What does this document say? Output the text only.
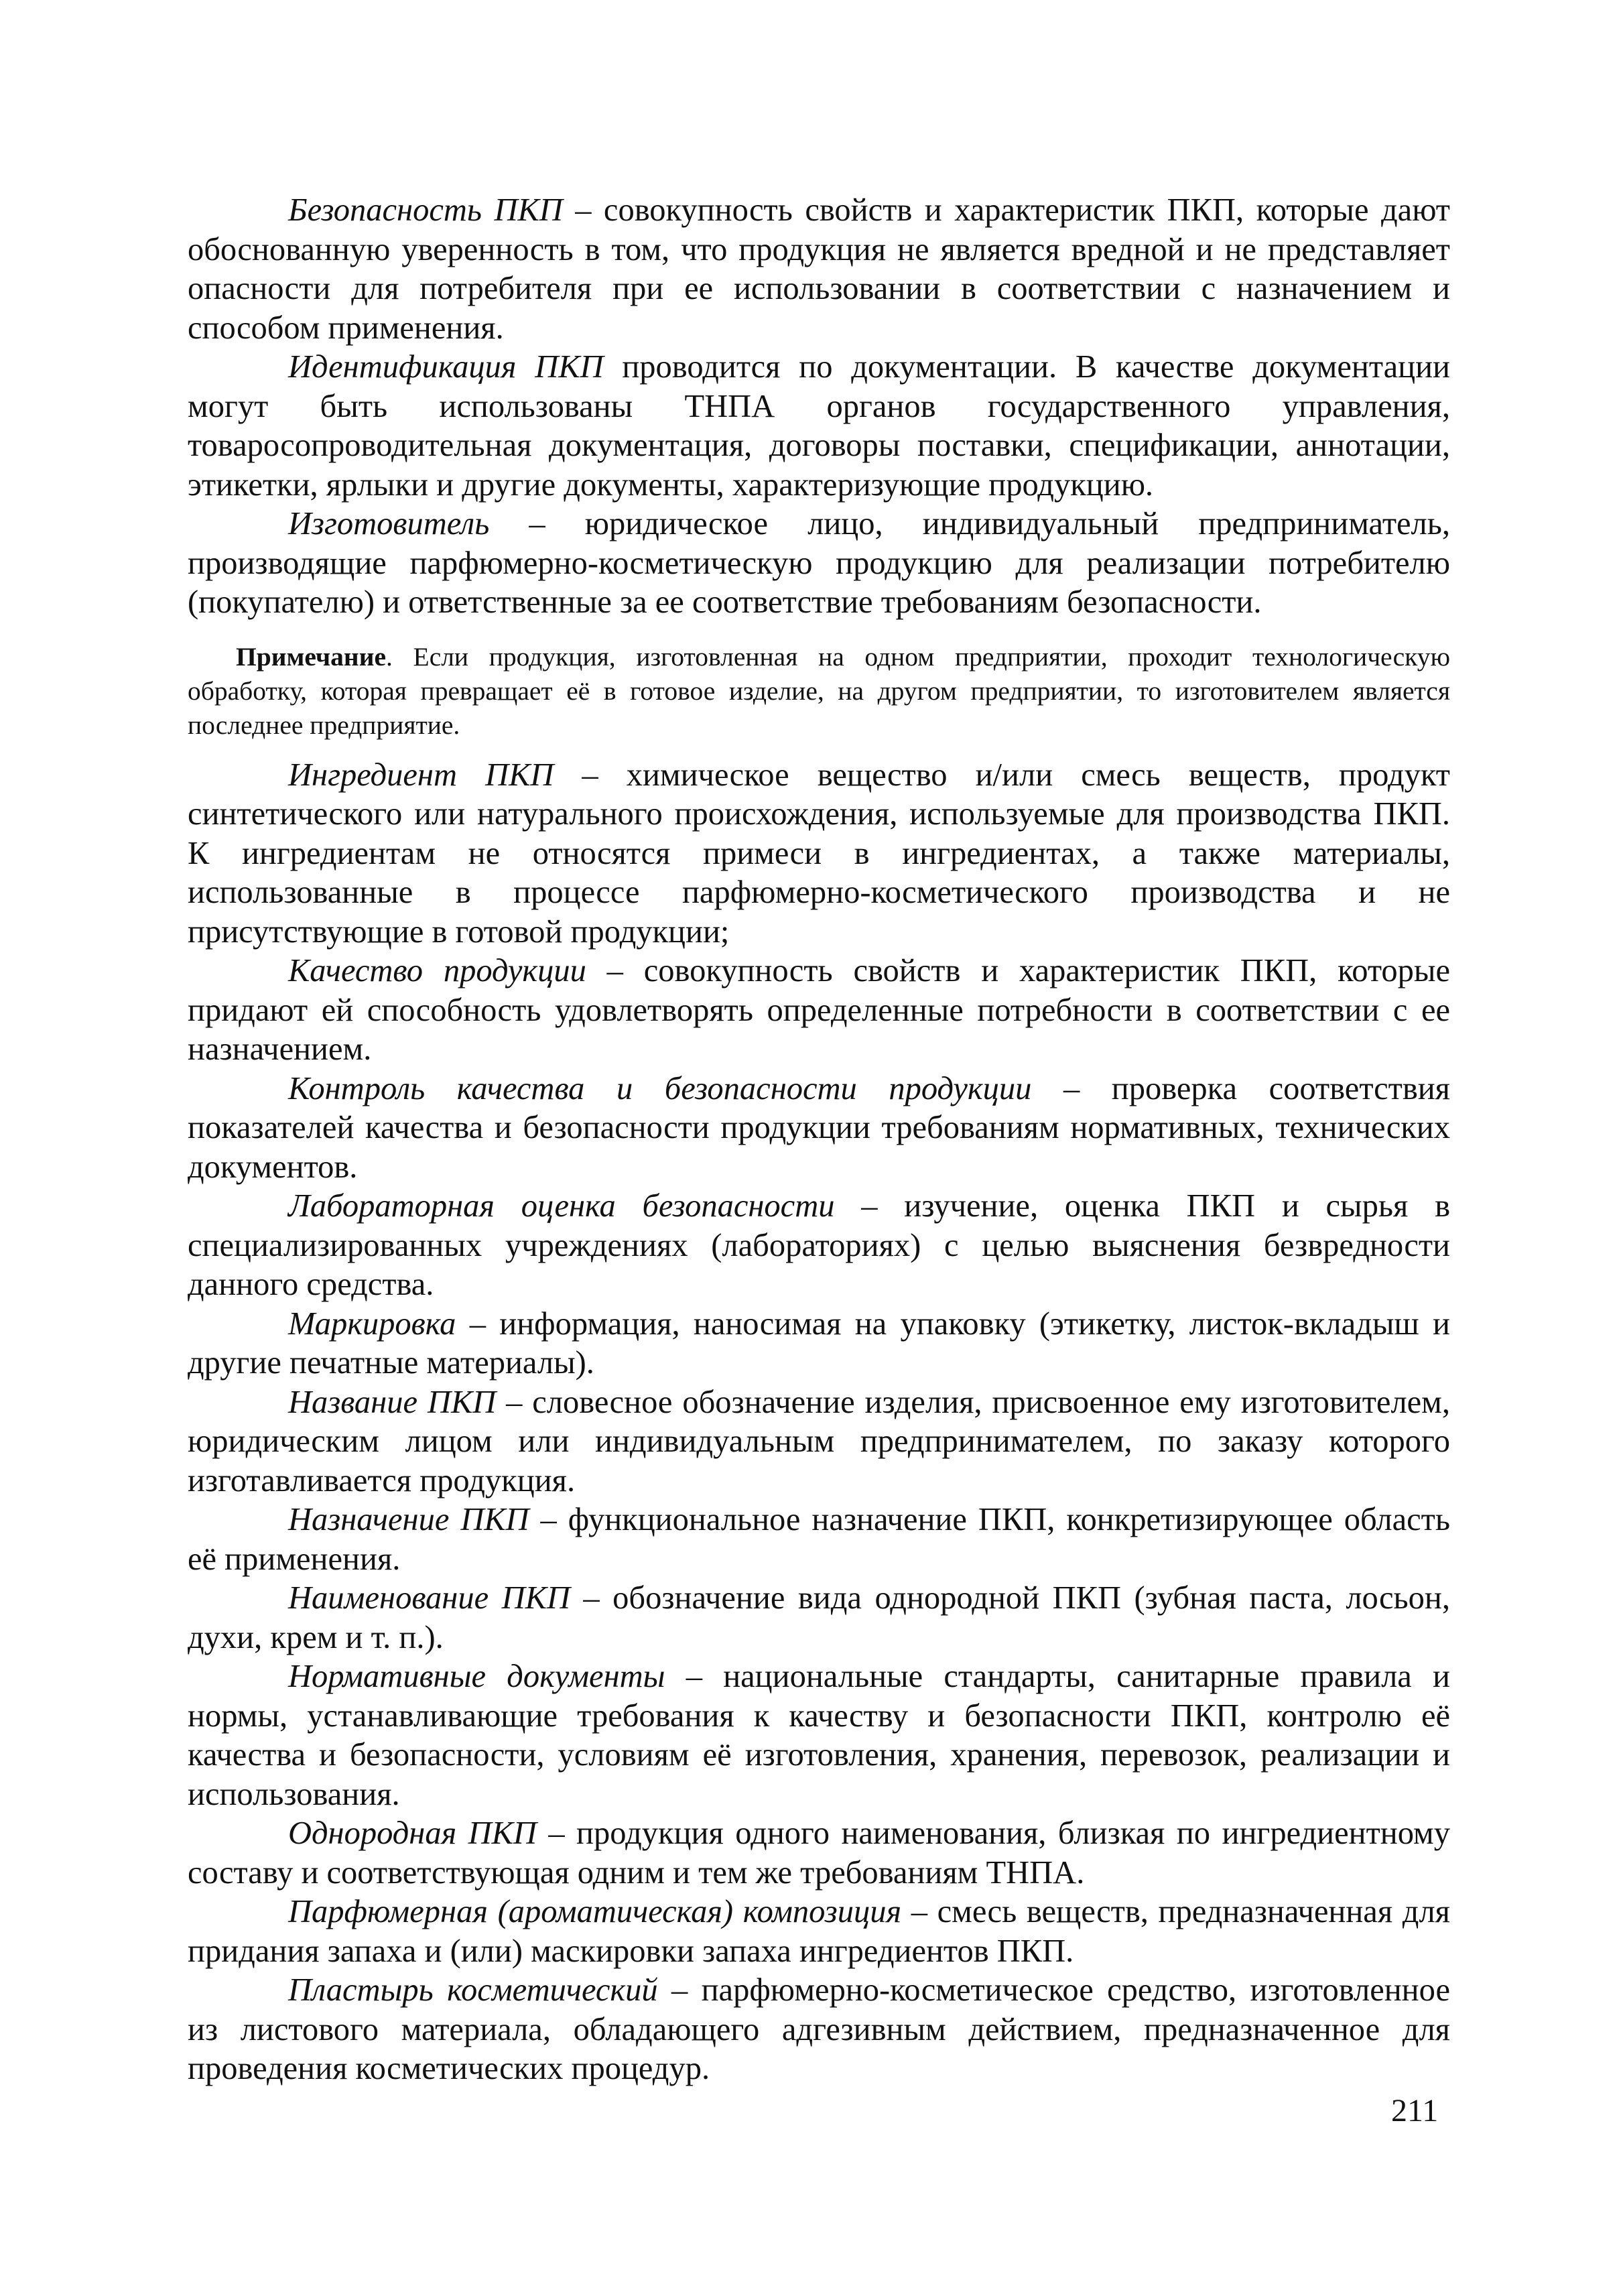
Безопасность ПКП – совокупность свойств и характеристик ПКП, которые дают обоснованную уверенность в том, что продукция не является вредной и не представляет опасности для потребителя при ее использовании в соответствии с назначением и способом применения.

Идентификация ПКП проводится по документации. В качестве документации могут быть использованы ТНПА органов государственного управления, товаросопроводительная документация, договоры поставки, спецификации, аннотации, этикетки, ярлыки и другие документы, характеризующие продукцию.

Изготовитель – юридическое лицо, индивидуальный предприниматель, производящие парфюмерно-косметическую продукцию для реализации потребителю (покупателю) и ответственные за ее соответствие требованиям безопасности.

Примечание. Если продукция, изготовленная на одном предприятии, проходит технологическую обработку, которая превращает её в готовое изделие, на другом предприятии, то изготовителем является последнее предприятие.

Ингредиент ПКП – химическое вещество и/или смесь веществ, продукт синтетического или натурального происхождения, используемые для производства ПКП. К ингредиентам не относятся примеси в ингредиентах, а также материалы, использованные в процессе парфюмерно-косметического производства и не присутствующие в готовой продукции;

Качество продукции – совокупность свойств и характеристик ПКП, которые придают ей способность удовлетворять определенные потребности в соответствии с ее назначением.

Контроль качества и безопасности продукции – проверка соответствия показателей качества и безопасности продукции требованиям нормативных, технических документов.

Лабораторная оценка безопасности – изучение, оценка ПКП и сырья в специализированных учреждениях (лабораториях) с целью выяснения безвредности данного средства.

Маркировка – информация, наносимая на упаковку (этикетку, листок-вкладыш и другие печатные материалы).

Название ПКП – словесное обозначение изделия, присвоенное ему изготовителем, юридическим лицом или индивидуальным предпринимателем, по заказу которого изготавливается продукция.

Назначение ПКП – функциональное назначение ПКП, конкретизирующее область её применения.

Наименование ПКП – обозначение вида однородной ПКП (зубная паста, лосьон, духи, крем и т. п.).

Нормативные документы – национальные стандарты, санитарные правила и нормы, устанавливающие требования к качеству и безопасности ПКП, контролю её качества и безопасности, условиям её изготовления, хранения, перевозок, реализации и использования.

Однородная ПКП – продукция одного наименования, близкая по ингредиентному составу и соответствующая одним и тем же требованиям ТНПА.

Парфюмерная (ароматическая) композиция – смесь веществ, предназначенная для придания запаха и (или) маскировки запаха ингредиентов ПКП.

Пластырь косметический – парфюмерно-косметическое средство, изготовленное из листового материала, обладающего адгезивным действием, предназначенное для проведения косметических процедур.

211
